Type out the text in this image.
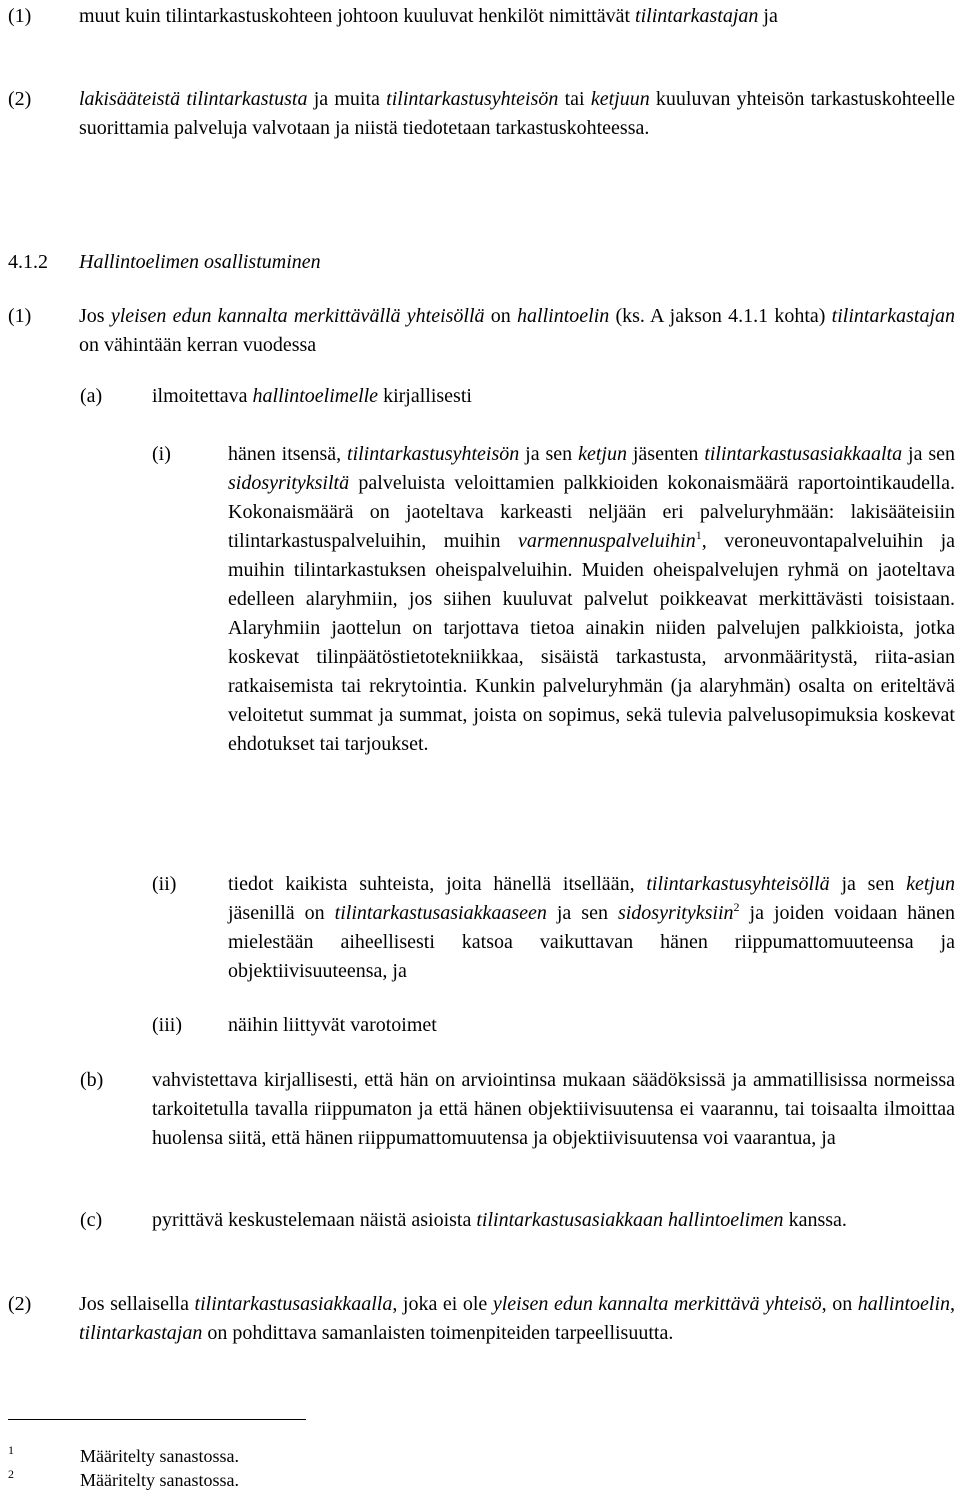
(1) muut kuin tilintarkastuskohteen johtoon kuuluvat henkilöt nimittävät tilintarkastajan ja
(2) lakisääteistä tilintarkastusta ja muita tilintarkastusyhteisön tai ketjuun kuuluvan yhteisön tarkastuskohteelle suorittamia palveluja valvotaan ja niistä tiedotetaan tarkastuskohteessa.
4.1.2 Hallintoelimen osallistuminen
(1) Jos yleisen edun kannalta merkittävällä yhteisöllä on hallintoelin (ks. A jakson 4.1.1 kohta) tilintarkastajan on vähintään kerran vuodessa
(a) ilmoitettava hallintoelimelle kirjallisesti
(i)	hänen itsensä, tilintarkastusyhteisön ja sen ketjun jäsenten tilintarkastusasiakkaalta ja sen sidosyrityksiltä palveluista veloittamien palkkioiden kokonaismäärä raportointikaudella. Kokonaismäärä on jaoteltava karkeasti neljään eri palveluryhmään: lakisääteisiin tilintarkastuspalveluihin, muihin varmennuspalveluihin$^1$, veroneuvontapalveluihin ja muihin tilintarkastuksen oheispalveluihin. Muiden oheispalvelujen ryhmä on jaoteltava edelleen alaryhmiin, jos siihen kuuluvat palvelut poikkeavat merkittävästi toisistaan. Alaryhmiin jaottelun on tarjottava tietoa ainakin niiden palvelujen palkkioista, jotka koskevat tilinpäätöstietotekniikkaa, sisäistä tarkastusta, arvonmääritystä, riita-asian ratkaisemista tai rekrytointia. Kunkin palveluryhmän (ja alaryhmän) osalta on eriteltävä veloitetut summat ja summat, joista on sopimus, sekä tulevia palvelusopimuksia koskevat ehdotukset tai tarjoukset.
(ii)	tiedot kaikista suhteista, joita hänellä itsellään, tilintarkastusyhteisöllä ja sen ketjun jäsenillä on tilintarkastusasiakkaaseen ja sen sidosyrityksiin$^2$ ja joiden voidaan hänen mielestään aiheellisesti katsoa vaikuttavan hänen riippumattomuuteensa ja objektiivisuuteensa, ja
(iii) näihin liittyvät varotoimet
(b) vahvistettava kirjallisesti, että hän on arviointinsa mukaan säädöksissä ja ammatillisissa normeissa tarkoitetulla tavalla riippumaton ja että hänen objektiivisuutensa ei vaarannu, tai toisaalta ilmoittaa huolensa siitä, että hänen riippumattomuutensa ja objektiivisuutensa voi vaarantua, ja
(c) pyrittävä keskustelemaan näistä asioista tilintarkastusasiakkaan hallintoelimen kanssa.
(2) Jos sellaisella tilintarkastusasiakkaalla, joka ei ole yleisen edun kannalta merkittävä yhteisö, on hallintoelin, tilintarkastajan on pohdittava samanlaisten toimenpiteiden tarpeellisuutta.
1	Määritelty sanastossa.
2	Määritelty sanastossa.
